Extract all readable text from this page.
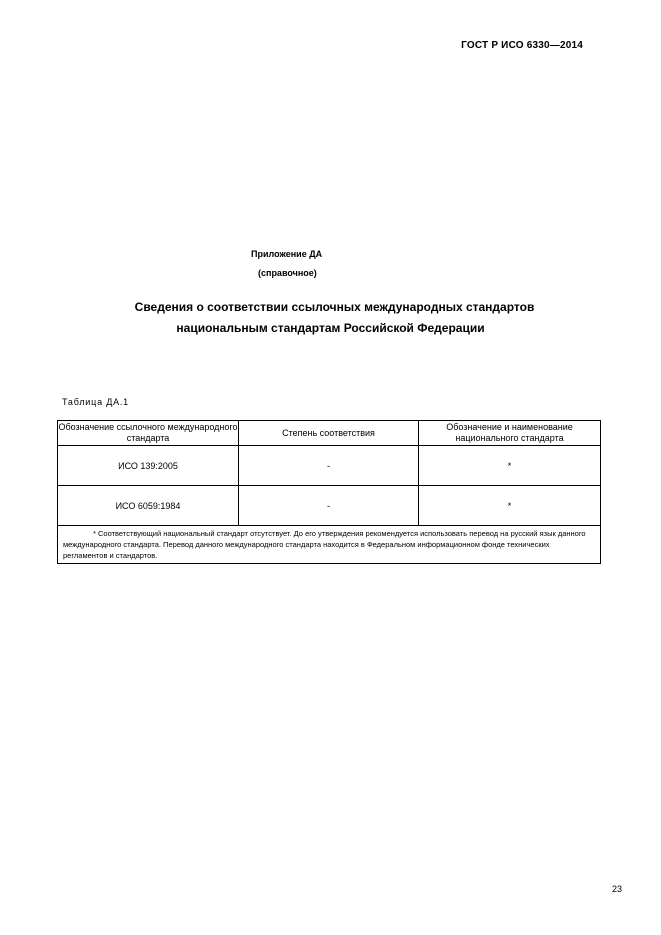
ГОСТ Р ИСО 6330—2014
Приложение ДА
(справочное)
Сведения о соответствии ссылочных международных стандартов
национальным стандартам Российской Федерации
Таблица ДА.1
Обозначение ссылочного международного стандарта	Степень соответствия	Обозначение и наименование национального стандарта
ИСО 139:2005	-	*
ИСО 6059:1984	-	*
* Соответствующий национальный стандарт отсутствует. До его утверждения рекомендуется использовать перевод на русский язык данного международного стандарта. Перевод данного международного стандарта находится в Федеральном информационном фонде технических регламентов и стандартов.		
23
